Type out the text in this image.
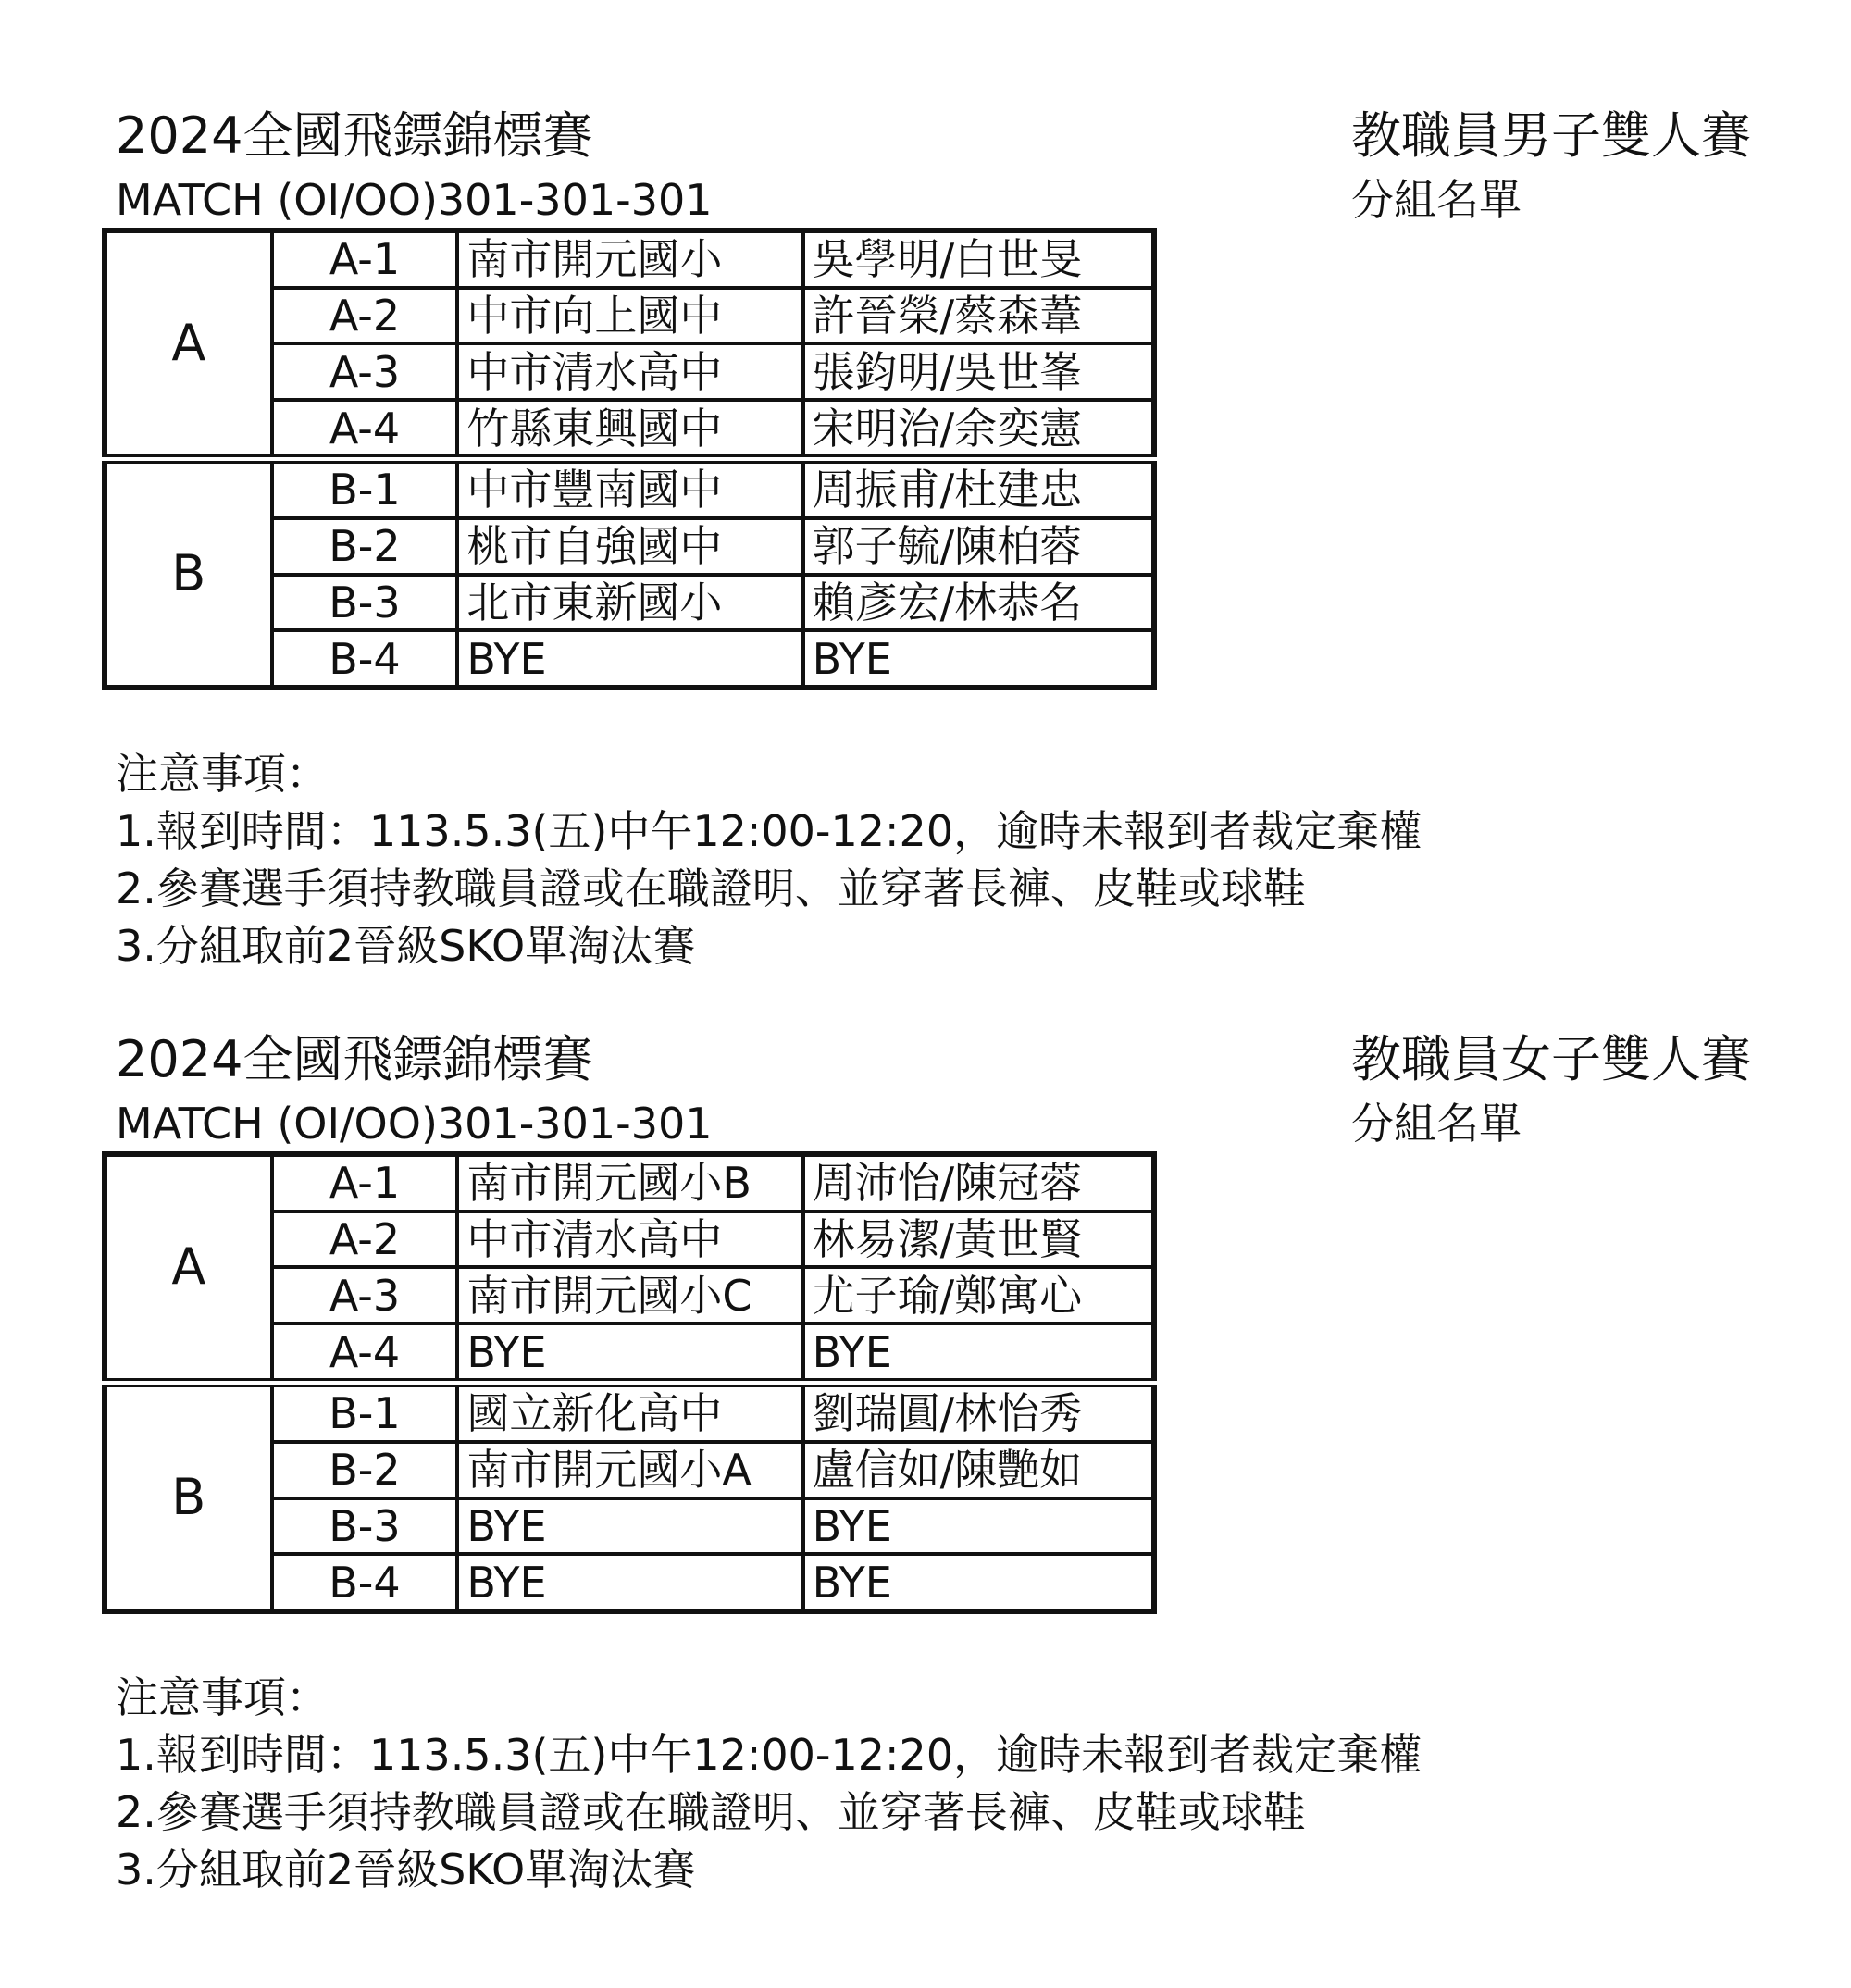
2024全國飛鏢錦標賽
MATCH (OI/OO)301-301-301
教職員男子雙人賽
分組名單
A	A-1	南市開元國小	吳學明/白世旻
	A-2	中市向上國中	許晉榮/蔡森葦
	A-3	中市清水高中	張鈞明/吳世峯
	A-4	竹縣東興國中	宋明治/余奕憲
B	B-1	中市豐南國中	周振甫/杜建忠
	B-2	桃市自強國中	郭子毓/陳柏蓉
	B-3	北市東新國小	賴彥宏/林恭名
	B-4	BYE	BYE
注意事項：
1.報到時間：113.5.3(五)中午12:00-12:20，逾時未報到者裁定棄權
2.參賽選手須持教職員證或在職證明、並穿著長褲、皮鞋或球鞋
3.分組取前2晉級SKO單淘汰賽
2024全國飛鏢錦標賽
MATCH (OI/OO)301-301-301
教職員女子雙人賽
分組名單
A	A-1	南市開元國小B	周沛怡/陳冠蓉
	A-2	中市清水高中	林易潔/黃世賢
	A-3	南市開元國小C	尤子瑜/鄭寓心
	A-4	BYE	BYE
B	B-1	國立新化高中	劉瑞圓/林怡秀
	B-2	南市開元國小A	盧信如/陳艷如
	B-3	BYE	BYE
	B-4	BYE	BYE
注意事項：
1.報到時間：113.5.3(五)中午12:00-12:20，逾時未報到者裁定棄權
2.參賽選手須持教職員證或在職證明、並穿著長褲、皮鞋或球鞋
3.分組取前2晉級SKO單淘汰賽
